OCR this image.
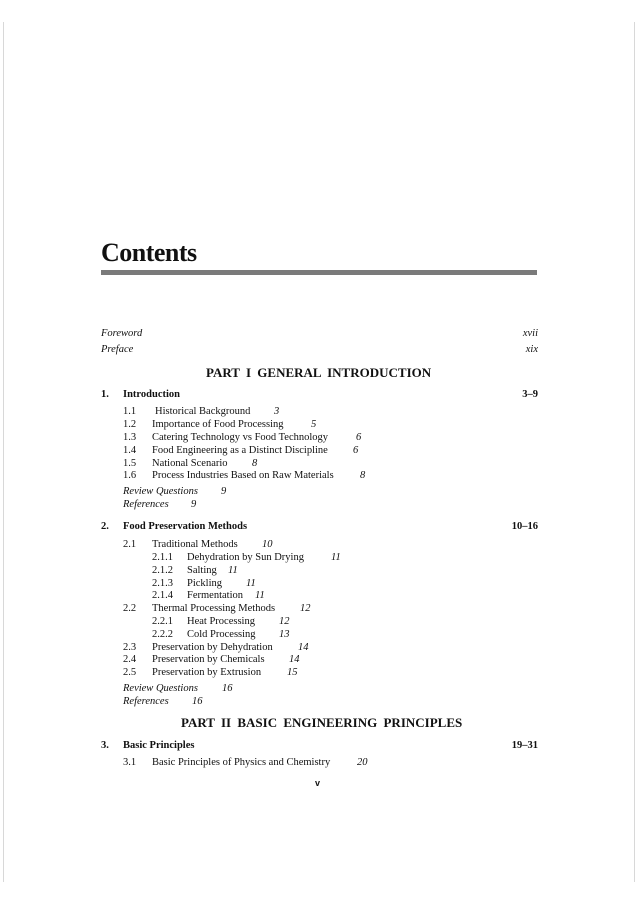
Contents
Foreword	xvii
Preface	xix
PART I GENERAL INTRODUCTION
1. Introduction	3–9
1.1 Historical Background 3
1.2 Importance of Food Processing	5
1.3 Catering Technology vs Food Technology	6
1.4 Food Engineering as a Distinct Discipline 6
1.5 National Scenario 8
1.6 Process Industries Based on Raw Materials	8
Review Questions 9
References 9
2. Food Preservation Methods	10–16
2.1 Traditional Methods 10
2.1.1 Dehydration by Sun Drying	11
2.1.2 Salting 11
2.1.3 Pickling 11
2.1.4 Fermentation 11
2.2 Thermal Processing Methods 12
2.2.1 Heat Processing 12
2.2.2 Cold Processing 13
2.3 Preservation by Dehydration 14
2.4 Preservation by Chemicals 14
2.5 Preservation by Extrusion 15
Review Questions 16
References 16
PART II BASIC ENGINEERING PRINCIPLES
3. Basic Principles	19–31
3.1 Basic Principles of Physics and Chemistry	20
v
